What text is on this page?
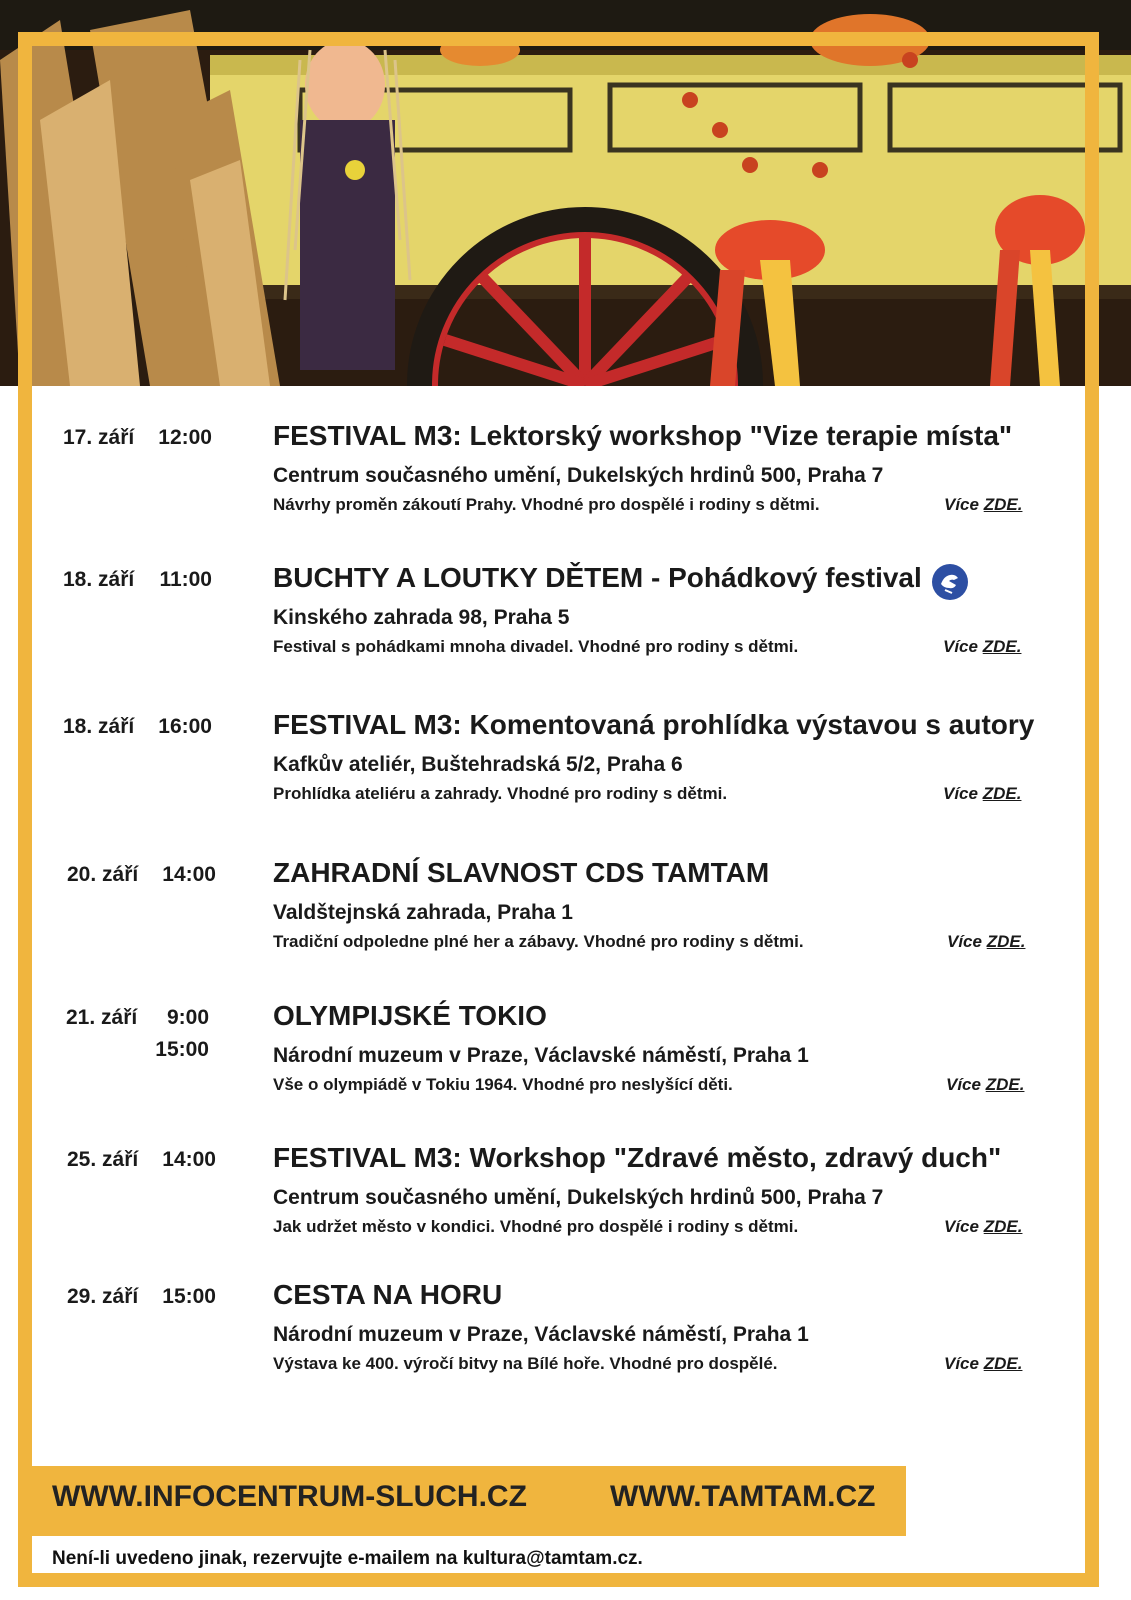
17. září	12:00 FESTIVAL M3: Lektorský workshop "Vize terapie místa"
Centrum současného umění, Dukelských hrdinů 500, Praha 7
Návrhy proměn zákoutí Prahy. Vhodné pro dospělé i rodiny s dětmi.	Více ZDE.
18. září	11:00 BUCHTY A LOUTKY DĚTEM - Pohádkový festival
Kinského zahrada 98, Praha 5
Festival s pohádkami mnoha divadel. Vhodné pro rodiny s dětmi.	Více ZDE.
18. září	16:00 FESTIVAL M3: Komentovaná prohlídka výstavou s autory
Kafkův ateliér, Buštehradská 5/2, Praha 6
Prohlídka ateliéru a zahrady. Vhodné pro rodiny s dětmi.	Více ZDE.
20. září	14:00 ZAHRADNÍ SLAVNOST CDS TAMTAM
Valdštejnská zahrada, Praha 1
Tradiční odpoledne plné her a zábavy. Vhodné pro rodiny s dětmi.	Více ZDE.
21. září	9:00
15:00
OLYMPIJSKÉ TOKIO
Národní muzeum v Praze, Václavské náměstí, Praha 1
Vše o olympiádě v Tokiu 1964. Vhodné pro neslyšící děti.	Více ZDE.
25. září	14:00 FESTIVAL M3: Workshop "Zdravé město, zdravý duch"
Centrum současného umění, Dukelských hrdinů 500, Praha 7
Jak udržet město v kondici. Vhodné pro dospělé i rodiny s dětmi.	Více ZDE.
29. září	15:00 CESTA NA HORU
Národní muzeum v Praze, Václavské náměstí, Praha 1
Výstava ke 400. výročí bitvy na Bílé hoře. Vhodné pro dospělé.	Více ZDE.
WWW.INFOCENTRUM-SLUCH.CZ	WWW.TAMTAM.CZ
Není-li uvedeno jinak, rezervujte e-mailem na kultura@tamtam.cz.
